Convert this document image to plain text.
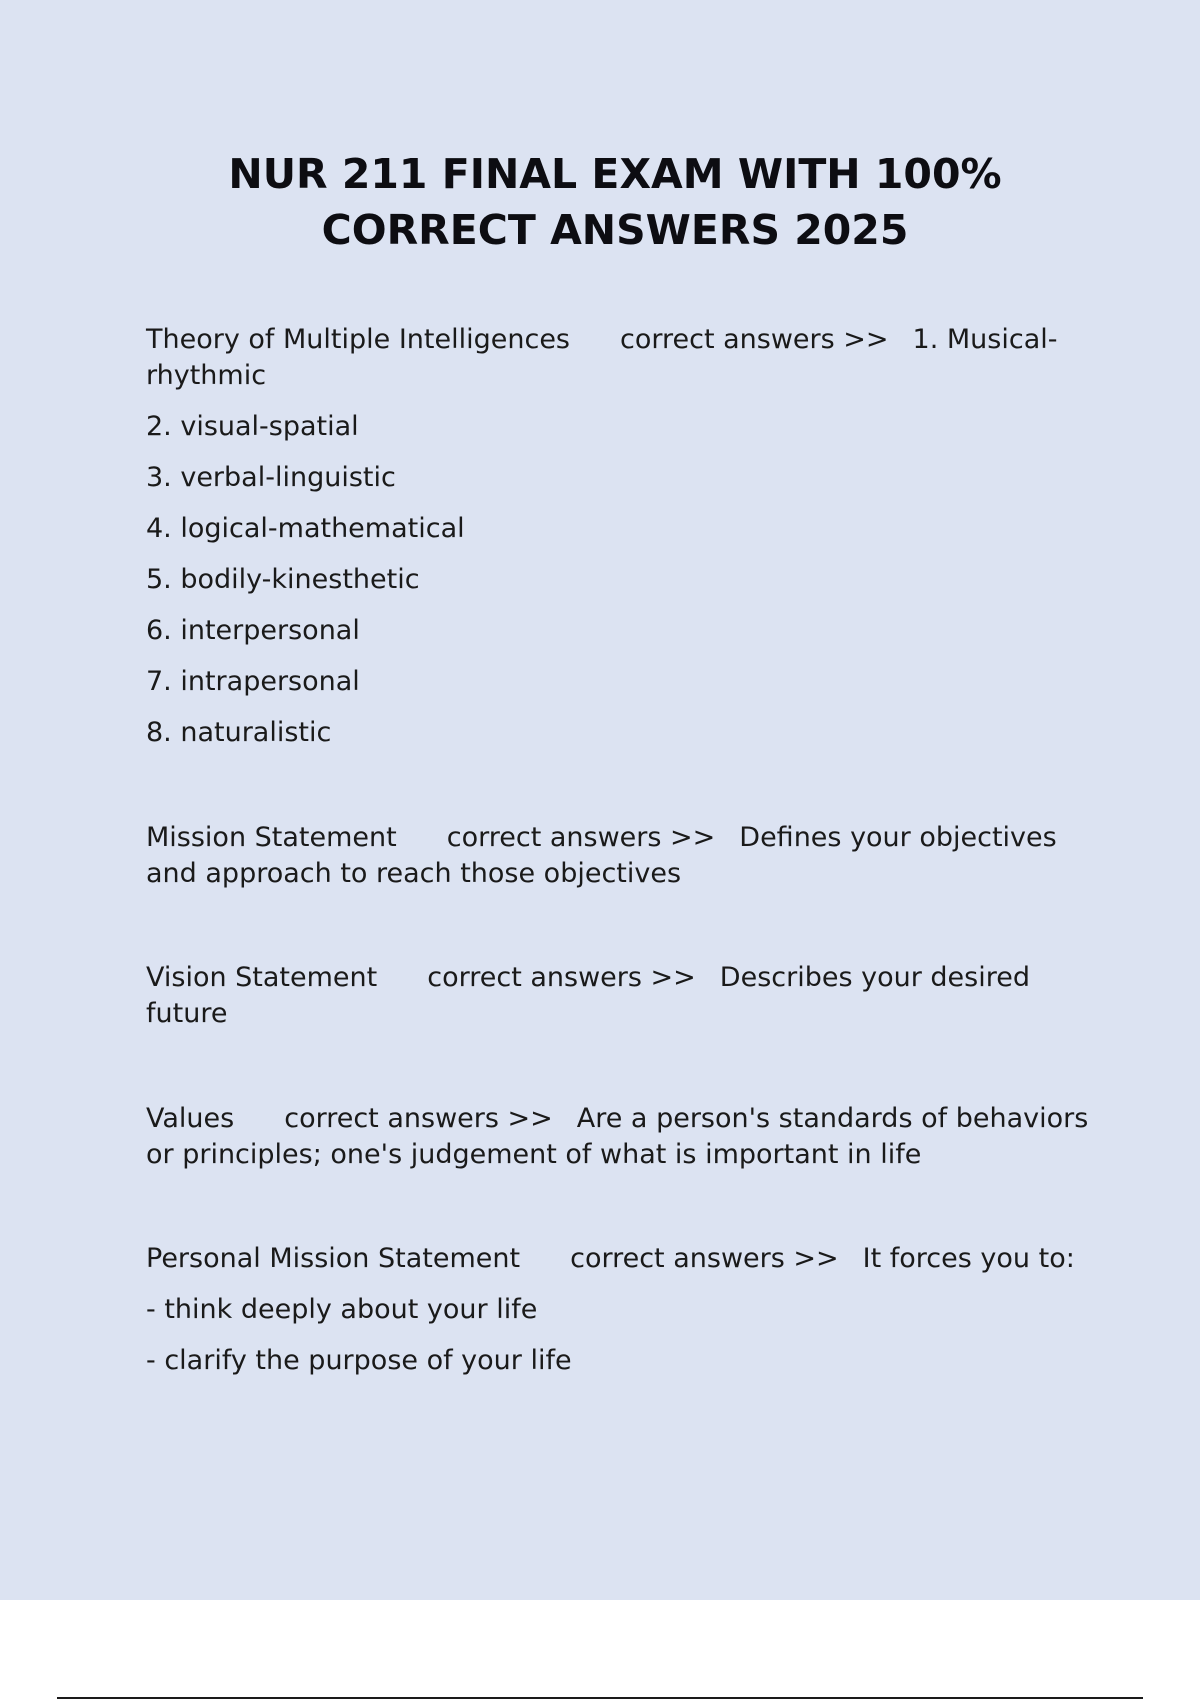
NUR 211 FINAL EXAM WITH 100% CORRECT ANSWERS 2025

Theory of Multiple Intelligences correct answers >> 1. Musical-rhythmic

2. visual-spatial

3. verbal-linguistic

4. logical-mathematical

5. bodily-kinesthetic

6. interpersonal

7. intrapersonal

8. naturalistic

Mission Statement correct answers >> Defines your objectives and approach to reach those objectives

Vision Statement correct answers >> Describes your desired future

Values correct answers >> Are a person's standards of behaviors or principles; one's judgement of what is important in life

Personal Mission Statement correct answers >> It forces you to:

- think deeply about your life

- clarify the purpose of your life
